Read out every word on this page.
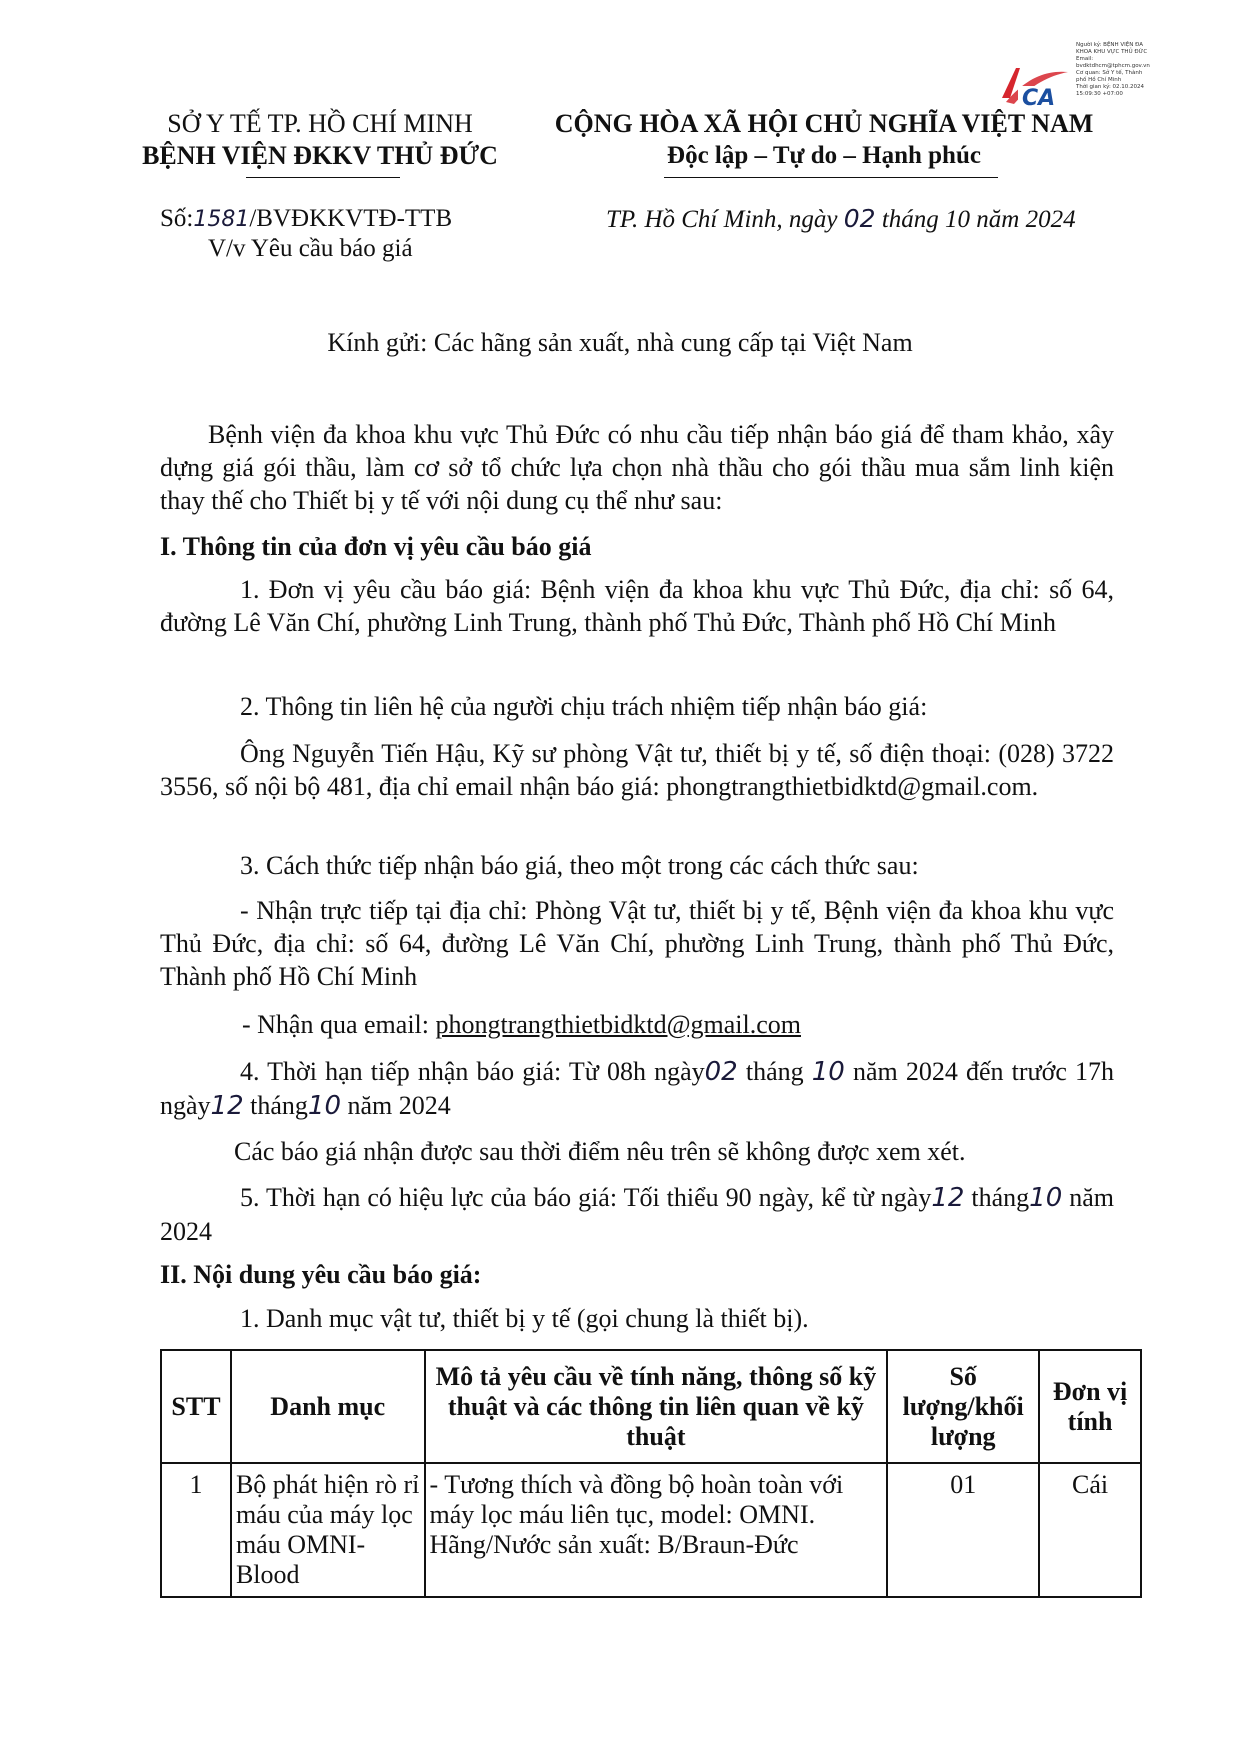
CA
Người ký: BỆNH VIỆN ĐA
KHOA KHU VỰC THỦ ĐỨC
Email:
bvdktdhcm@tphcm.gov.vn
Cơ quan: Sở Y tế, Thành
phố Hồ Chí Minh
Thời gian ký: 02.10.2024
15:09:30 +07:00
SỞ Y TẾ TP. HỒ CHÍ MINH
BỆNH VIỆN ĐKKV THỦ ĐỨC
CỘNG HÒA XÃ HỘI CHỦ NGHĨA VIỆT NAM
Độc lập – Tự do – Hạnh phúc
Số:1581/BVĐKKVTĐ-TTB
V/v Yêu cầu báo giá
TP. Hồ Chí Minh, ngày 02 tháng 10 năm 2024
Kính gửi: Các hãng sản xuất, nhà cung cấp tại Việt Nam
Bệnh viện đa khoa khu vực Thủ Đức có nhu cầu tiếp nhận báo giá để tham khảo, xây dựng giá gói thầu, làm cơ sở tổ chức lựa chọn nhà thầu cho gói thầu mua sắm linh kiện thay thế cho Thiết bị y tế với nội dung cụ thể như sau:
I. Thông tin của đơn vị yêu cầu báo giá
1. Đơn vị yêu cầu báo giá: Bệnh viện đa khoa khu vực Thủ Đức, địa chỉ: số 64, đường Lê Văn Chí, phường Linh Trung, thành phố Thủ Đức, Thành phố Hồ Chí Minh
2. Thông tin liên hệ của người chịu trách nhiệm tiếp nhận báo giá:
Ông Nguyễn Tiến Hậu, Kỹ sư phòng Vật tư, thiết bị y tế, số điện thoại: (028) 3722 3556, số nội bộ 481, địa chỉ email nhận báo giá: phongtrangthietbidktd@gmail.com.
3. Cách thức tiếp nhận báo giá, theo một trong các cách thức sau:
- Nhận trực tiếp tại địa chỉ: Phòng Vật tư, thiết bị y tế, Bệnh viện đa khoa khu vực Thủ Đức, địa chỉ: số 64, đường Lê Văn Chí, phường Linh Trung, thành phố Thủ Đức, Thành phố Hồ Chí Minh
- Nhận qua email: phongtrangthietbidktd@gmail.com
4. Thời hạn tiếp nhận báo giá: Từ 08h ngày02 tháng 10 năm 2024 đến trước 17h ngày12 tháng10 năm 2024
Các báo giá nhận được sau thời điểm nêu trên sẽ không được xem xét.
5. Thời hạn có hiệu lực của báo giá: Tối thiểu 90 ngày, kể từ ngày12 tháng10 năm 2024
II. Nội dung yêu cầu báo giá:
1. Danh mục vật tư, thiết bị y tế (gọi chung là thiết bị).
STT	Danh mục	Mô tả yêu cầu về tính năng, thông số kỹ thuật và các thông tin liên quan về kỹ thuật	Số lượng/khối lượng	Đơn vị tính
1	Bộ phát hiện rò rỉ máu của máy lọc máu OMNI-Blood	- Tương thích và đồng bộ hoàn toàn với máy lọc máu liên tục, model: OMNI. Hãng/Nước sản xuất: B/Braun-Đức	01	Cái
